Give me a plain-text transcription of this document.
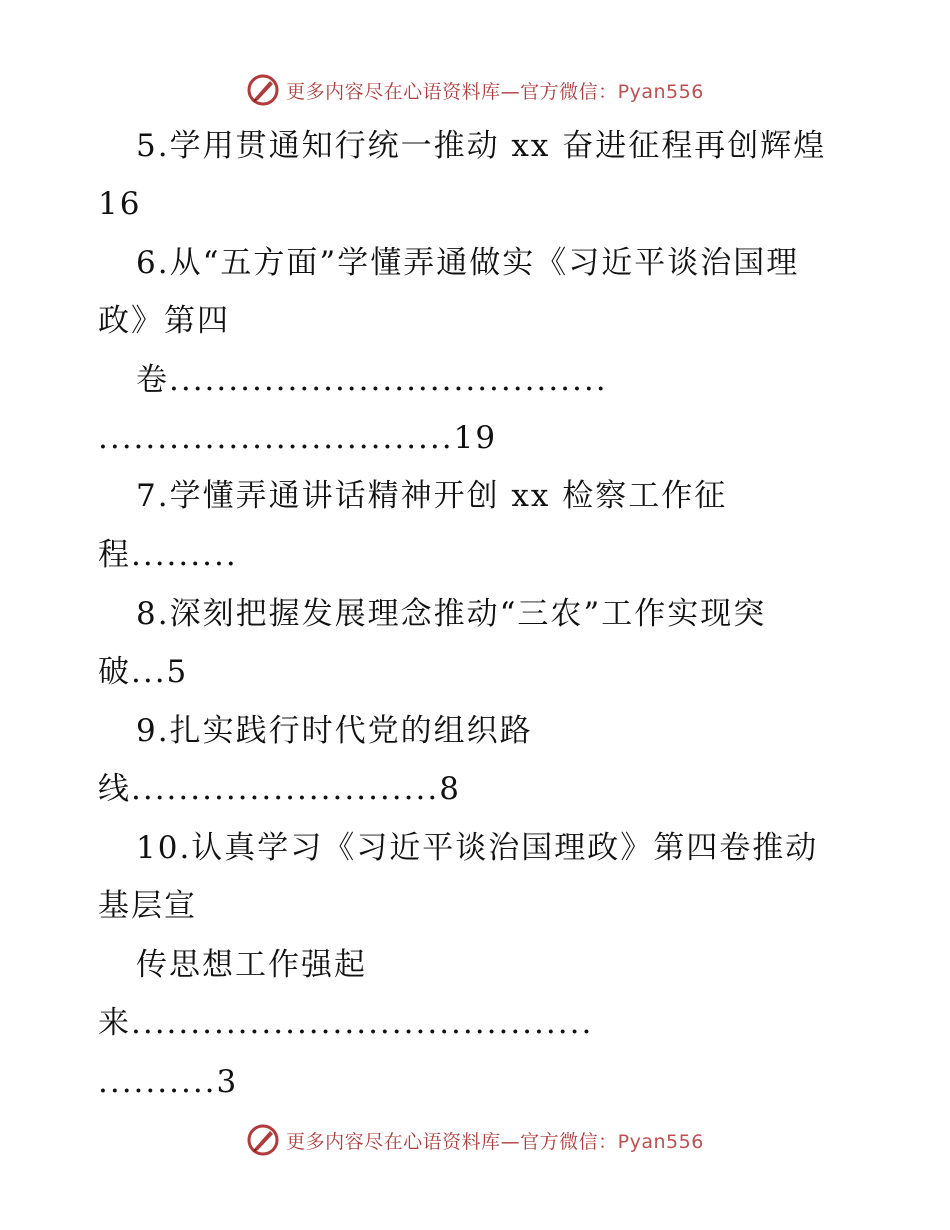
更多内容尽在心语资料库—官方微信：Pyan556
5.学用贯通知行统一推动 xx 奋进征程再创辉煌
16
6.从“五方面”学懂弄通做实《习近平谈治国理
政》第四
卷.....................................
..............................19
7.学懂弄通讲话精神开创 xx 检察工作征
程.........
8.深刻把握发展理念推动“三农”工作实现突
破...5
9.扎实践行时代党的组织路
线..........................8
10.认真学习《习近平谈治国理政》第四卷推动
基层宣
传思想工作强起
来.......................................
..........3
更多内容尽在心语资料库—官方微信：Pyan556
